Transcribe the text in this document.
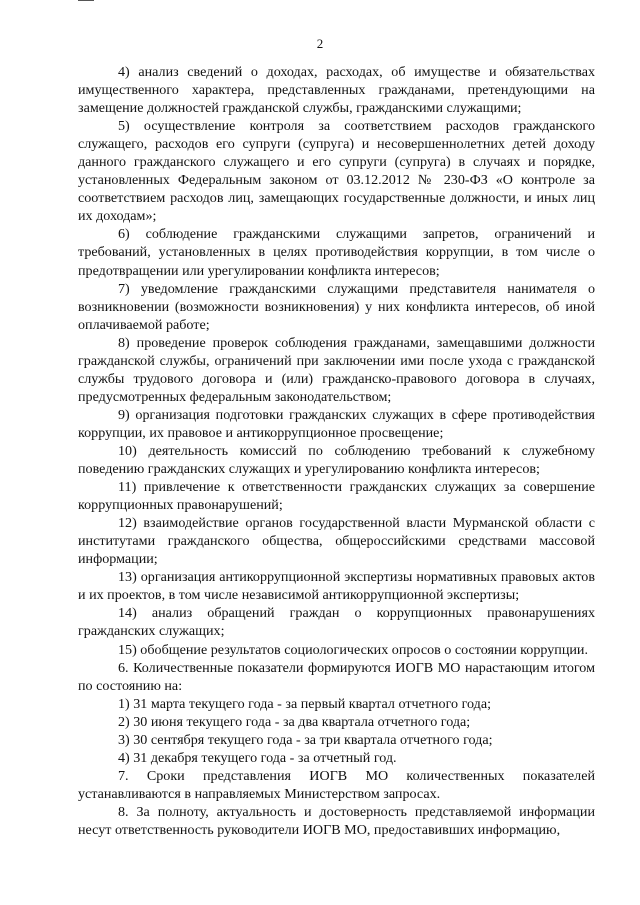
2

4) анализ сведений о доходах, расходах, об имуществе и обязательствах имущественного характера, представленных гражданами, претендующими на замещение должностей гражданской службы, гражданскими служащими;

5) осуществление контроля за соответствием расходов гражданского служащего, расходов его супруги (супруга) и несовершеннолетних детей доходу данного гражданского служащего и его супруги (супруга) в случаях и порядке, установленных Федеральным законом от 03.12.2012 № 230-ФЗ «О контроле за соответствием расходов лиц, замещающих государственные должности, и иных лиц их доходам»;

6) соблюдение гражданскими служащими запретов, ограничений и требований, установленных в целях противодействия коррупции, в том числе о предотвращении или урегулировании конфликта интересов;

7) уведомление гражданскими служащими представителя нанимателя о возникновении (возможности возникновения) у них конфликта интересов, об иной оплачиваемой работе;

8) проведение проверок соблюдения гражданами, замещавшими должности гражданской службы, ограничений при заключении ими после ухода с гражданской службы трудового договора и (или) гражданско-правового договора в случаях, предусмотренных федеральным законодательством;

9) организация подготовки гражданских служащих в сфере противодействия коррупции, их правовое и антикоррупционное просвещение;

10) деятельность комиссий по соблюдению требований к служебному поведению гражданских служащих и урегулированию конфликта интересов;

11) привлечение к ответственности гражданских служащих за совершение коррупционных правонарушений;

12) взаимодействие органов государственной власти Мурманской области с институтами гражданского общества, общероссийскими средствами массовой информации;

13) организация антикоррупционной экспертизы нормативных правовых актов и их проектов, в том числе независимой антикоррупционной экспертизы;

14) анализ обращений граждан о коррупционных правонарушениях гражданских служащих;

15) обобщение результатов социологических опросов о состоянии коррупции.

6. Количественные показатели формируются ИОГВ МО нарастающим итогом по состоянию на:

1) 31 марта текущего года - за первый квартал отчетного года;

2) 30 июня текущего года - за два квартала отчетного года;

3) 30 сентября текущего года - за три квартала отчетного года;

4) 31 декабря текущего года - за отчетный год.

7. Сроки представления ИОГВ МО количественных показателей устанавливаются в направляемых Министерством запросах.

8. За полноту, актуальность и достоверность представляемой информации несут ответственность руководители ИОГВ МО, предоставивших информацию,
